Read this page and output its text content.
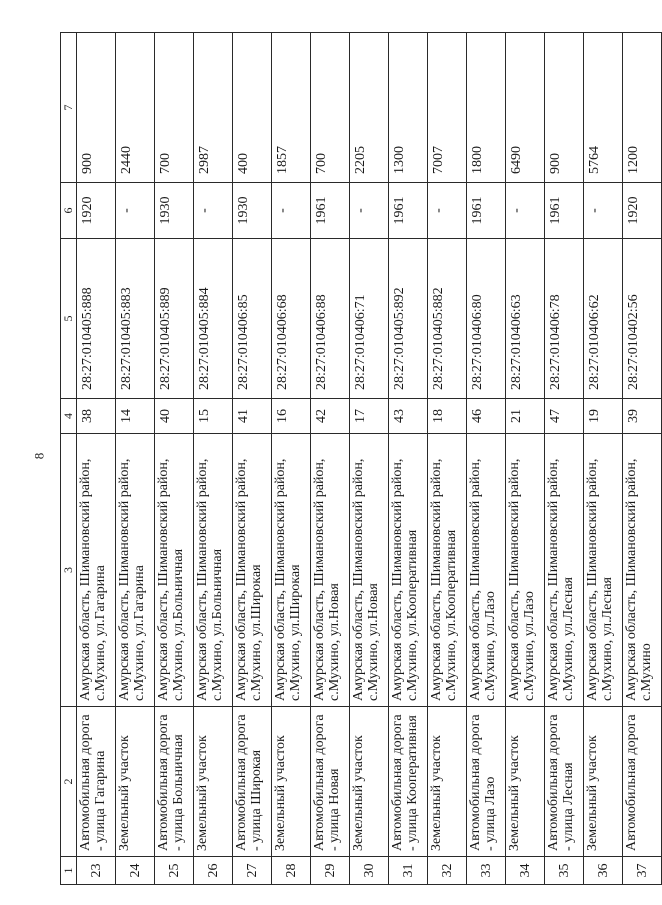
8
1	2	3	4	5	6	7
23	Автомобильная дорога - улица Гагарина	Амурская область, Шимановский район, с.Мухино, ул.Гагарина	38	28:27:010405:888	1920	900
24	Земельный участок	Амурская область, Шимановский район, с.Мухино, ул.Гагарина	14	28:27:010405:883	-	2440
25	Автомобильная дорога - улица Больничная	Амурская область, Шимановский район, с.Мухино, ул.Больничная	40	28:27:010405:889	1930	700
26	Земельный участок	Амурская область, Шимановский район, с.Мухино, ул.Больничная	15	28:27:010405:884	-	2987
27	Автомобильная дорога - улица Широкая	Амурская область, Шимановский район, с.Мухино, ул.Широкая	41	28:27:010406:85	1930	400
28	Земельный участок	Амурская область, Шимановский район, с.Мухино, ул.Широкая	16	28:27:010406:68	-	1857
29	Автомобильная дорога - улица Новая	Амурская область, Шимановский район, с.Мухино, ул.Новая	42	28:27:010406:88	1961	700
30	Земельный участок	Амурская область, Шимановский район, с.Мухино, ул.Новая	17	28:27:010406:71	-	2205
31	Автомобильная дорога - улица Кооперативная	Амурская область, Шимановский район, с.Мухино, ул.Кооперативная	43	28:27:010405:892	1961	1300
32	Земельный участок	Амурская область, Шимановский район, с.Мухино, ул.Кооперативная	18	28:27:010405:882	-	7007
33	Автомобильная дорога - улица Лазо	Амурская область, Шимановский район, с.Мухино, ул.Лазо	46	28:27:010406:80	1961	1800
34	Земельный участок	Амурская область, Шимановский район, с.Мухино, ул.Лазо	21	28:27:010406:63	-	6490
35	Автомобильная дорога - улица Лесная	Амурская область, Шимановский район, с.Мухино, ул.Лесная	47	28:27:010406:78	1961	900
36	Земельный участок	Амурская область, Шимановский район, с.Мухино, ул.Лесная	19	28:27:010406:62	-	5764
37	Автомобильная дорога	Амурская область, Шимановский район, с.Мухино	39	28:27:010402:56	1920	1200
